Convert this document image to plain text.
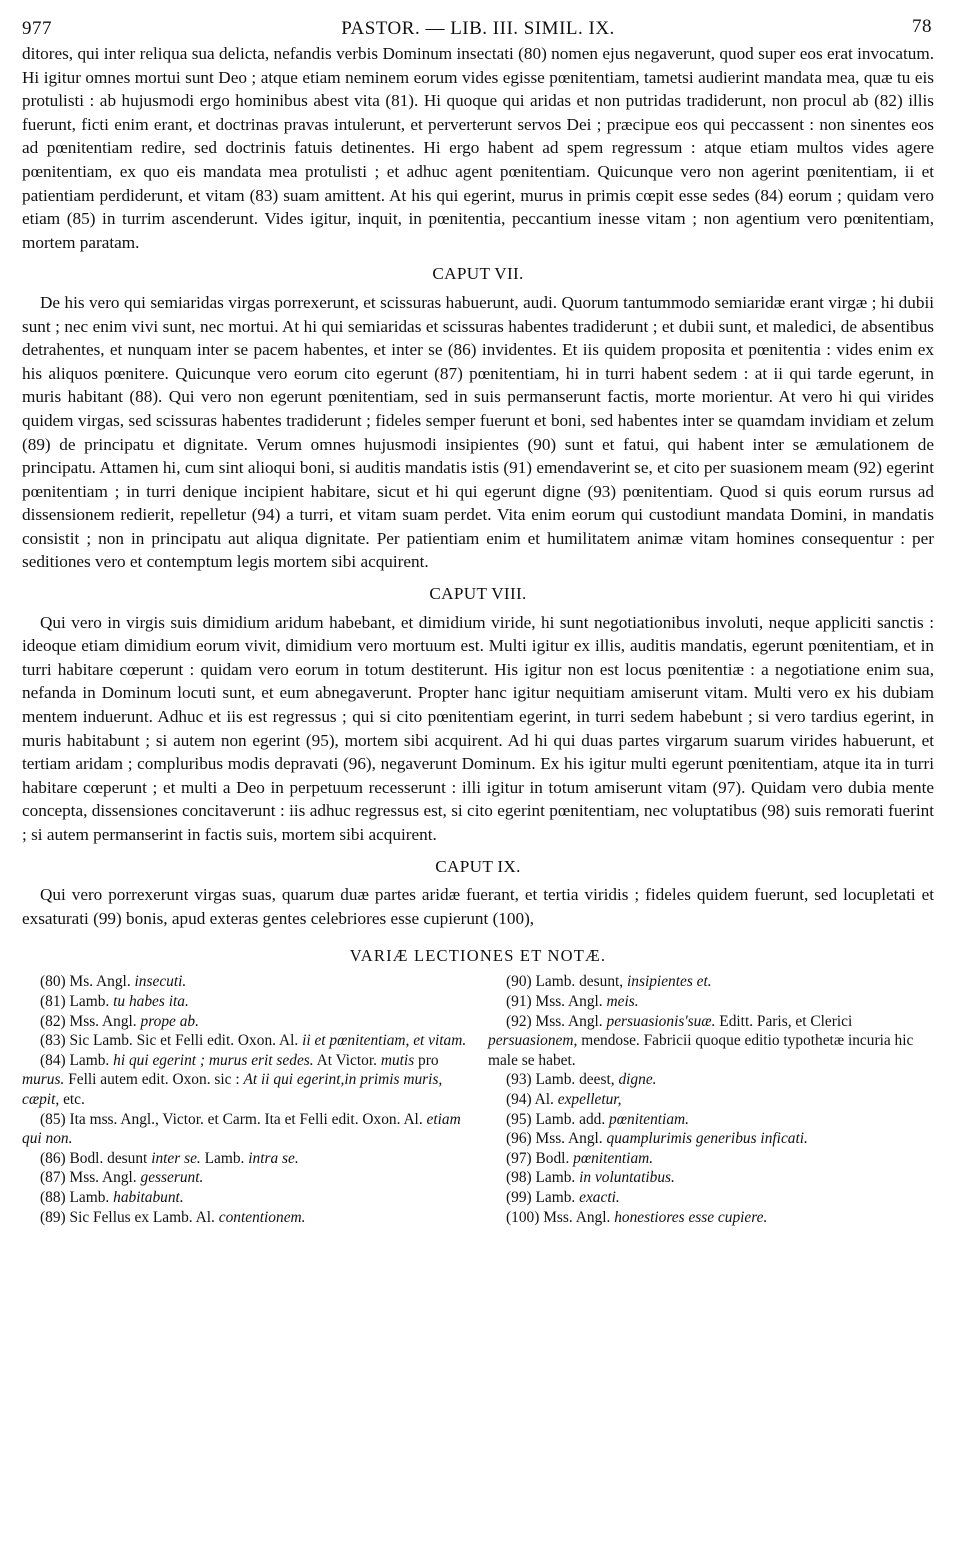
977	PASTOR. — LIB. III. SIMIL. IX.	78

ditores, qui inter reliqua sua delicta, nefandis verbis Dominum insectati (80) nomen ejus negaverunt, quod super eos erat invocatum. Hi igitur omnes mortui sunt Deo ; atque etiam neminem eorum vides egisse pœnitentiam, tametsi audierint mandata mea, quæ tu eis protulisti : ab hujusmodi ergo hominibus abest vita (81). Hi quoque qui aridas et non putridas tradiderunt, non procul ab (82) illis fuerunt, ficti enim erant, et doctrinas pravas intulerunt, et perverterunt servos Dei ; præcipue eos qui peccassent : non sinentes eos ad pœnitentiam redire, sed doctrinis fatuis detinentes. Hi ergo habent ad spem regressum : atque etiam multos vides agere pœnitentiam, ex quo eis mandata mea protulisti ; et adhuc agent pœnitentiam. Quicunque vero non agerint pœnitentiam, ii et patientiam perdiderunt, et vitam (83) suam amittent. At his qui egerint, murus in primis cœpit esse sedes (84) eorum ; quidam vero etiam (85) in turrim ascenderunt. Vides igitur, inquit, in pœnitentia, peccantium inesse vitam ; non agentium vero pœnitentiam, mortem paratam.

CAPUT VII.

De his vero qui semiaridas virgas porrexerunt, et scissuras habuerunt, audi. Quorum tantummodo semiaridæ erant virgæ ; hi dubii sunt ; nec enim vivi sunt, nec mortui. At hi qui semiaridas et scissuras habentes tradiderunt ; et dubii sunt, et maledici, de absentibus detrahentes, et nunquam inter se pacem habentes, et inter se (86) invidentes. Et iis quidem proposita et pœnitentia : vides enim ex his aliquos pœnitere. Quicunque vero eorum cito egerunt (87) pœnitentiam, hi in turri habent sedem : at ii qui tarde egerunt, in muris habitant (88). Qui vero non egerunt pœnitentiam, sed in suis permanserunt factis, morte morientur. At vero hi qui virides quidem virgas, sed scissuras habentes tradiderunt ; fideles semper fuerunt et boni, sed habentes inter se quamdam invidiam et zelum (89) de principatu et dignitate. Verum omnes hujusmodi insipientes (90) sunt et fatui, qui habent inter se æmulationem de principatu. Attamen hi, cum sint alioqui boni, si auditis mandatis istis (91) emendaverint se, et cito per suasionem meam (92) egerint pœnitentiam ; in turri denique incipient habitare, sicut et hi qui egerunt digne (93) pœnitentiam. Quod si quis eorum rursus ad dissensionem redierit, repelletur (94) a turri, et vitam suam perdet. Vita enim eorum qui custodiunt mandata Domini, in mandatis consistit ; non in principatu aut aliqua dignitate. Per patientiam enim et humilitatem animæ vitam homines consequentur : per seditiones vero et contemptum legis mortem sibi acquirent.

CAPUT VIII.

Qui vero in virgis suis dimidium aridum habebant, et dimidium viride, hi sunt negotiationibus involuti, neque appliciti sanctis : ideoque etiam dimidium eorum vivit, dimidium vero mortuum est. Multi igitur ex illis, auditis mandatis, egerunt pœnitentiam, et in turri habitare cœperunt : quidam vero eorum in totum destiterunt. His igitur non est locus pœnitentiæ : a negotiatione enim sua, nefanda in Dominum locuti sunt, et eum abnegaverunt. Propter hanc igitur nequitiam amiserunt vitam. Multi vero ex his dubiam mentem induerunt. Adhuc et iis est regressus ; qui si cito pœnitentiam egerint, in turri sedem habebunt ; si vero tardius egerint, in muris habitabunt ; si autem non egerint (95), mortem sibi acquirent. Ad hi qui duas partes virgarum suarum virides habuerunt, et tertiam aridam ; compluribus modis depravati (96), negaverunt Dominum. Ex his igitur multi egerunt pœnitentiam, atque ita in turri habitare cœperunt ; et multi a Deo in perpetuum recesserunt : illi igitur in totum amiserunt vitam (97). Quidam vero dubia mente concepta, dissensiones concitaverunt : iis adhuc regressus est, si cito egerint pœnitentiam, nec voluptatibus (98) suis remorati fuerint ; si autem permanserint in factis suis, mortem sibi acquirent.

CAPUT IX.

Qui vero porrexerunt virgas suas, quarum duæ partes aridæ fuerant, et tertia viridis ; fideles quidem fuerunt, sed locupletati et exsaturati (99) bonis, apud exteras gentes celebriores esse cupierunt (100),

VARIÆ LECTIONES ET NOTÆ.
(80) Ms. Angl. insecuti.
(81) Lamb. tu habes ita.
(82) Mss. Angl. prope ab.
(83) Sic Lamb. Sic et Felli edit. Oxon. Al. ii et pœnitentiam, et vitam.
(84) Lamb. hi qui egerint ; murus erit sedes. At Victor. mutis pro murus. Felli autem edit. Oxon. sic : At ii qui egerint,in primis muris, cæpit, etc.
(85) Ita mss. Angl., Victor. et Carm. Ita et Felli edit. Oxon. Al. etiam qui non.
(86) Bodl. desunt inter se. Lamb. intra se.
(87) Mss. Angl. gesserunt.
(88) Lamb. habitabunt.
(89) Sic Fellus ex Lamb. Al. contentionem.
(90) Lamb. desunt, insipientes et.
(91) Mss. Angl. meis.
(92) Mss. Angl. persuasionis'suæ. Editt. Paris, et Clerici persuasionem, mendose. Fabricii quoque editio typothetæ incuria hic male se habet.
(93) Lamb. deest, digne.
(94) Al. expelletur,
(95) Lamb. add. pœnitentiam.
(96) Mss. Angl. quamplurimis generibus inficati.
(97) Bodl. pœnitentiam.
(98) Lamb. in voluntatibus.
(99) Lamb. exacti.
(100) Mss. Angl. honestiores esse cupiere.
